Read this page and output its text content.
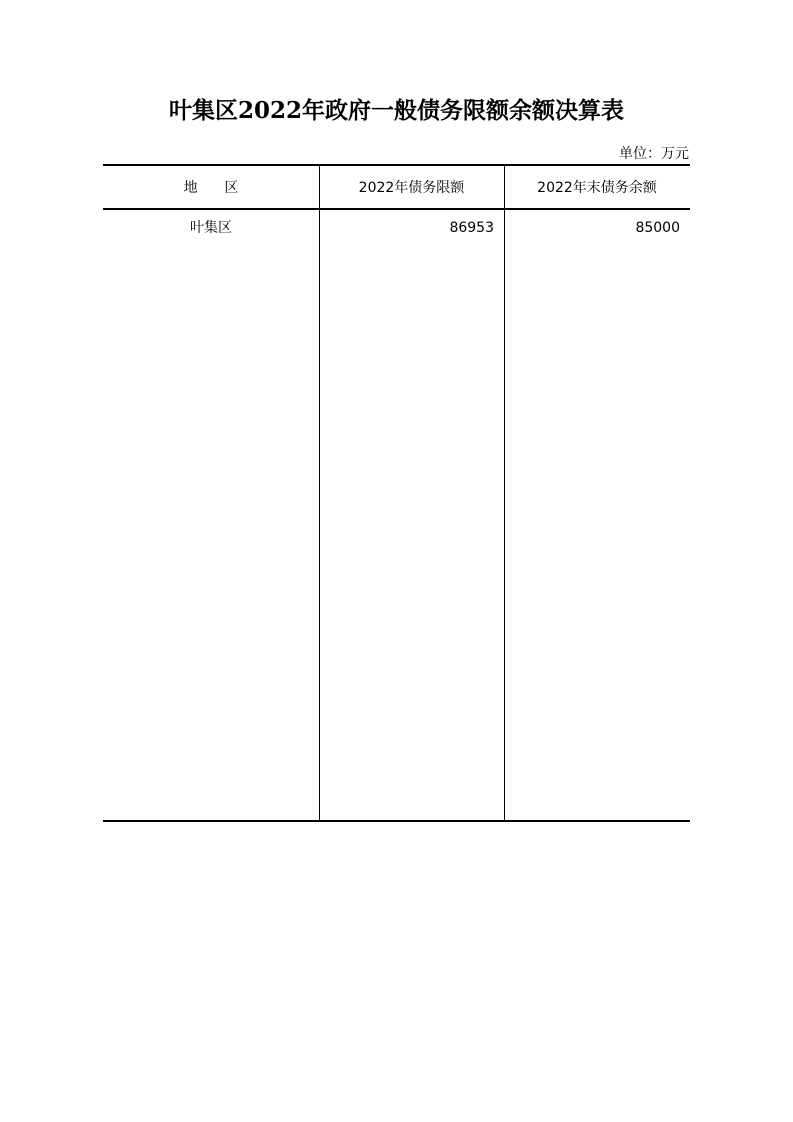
叶集区2022年政府一般债务限额余额决算表
单位：万元
地      区	2022年债务限额	2022年末债务余额
叶集区	86953	85000
